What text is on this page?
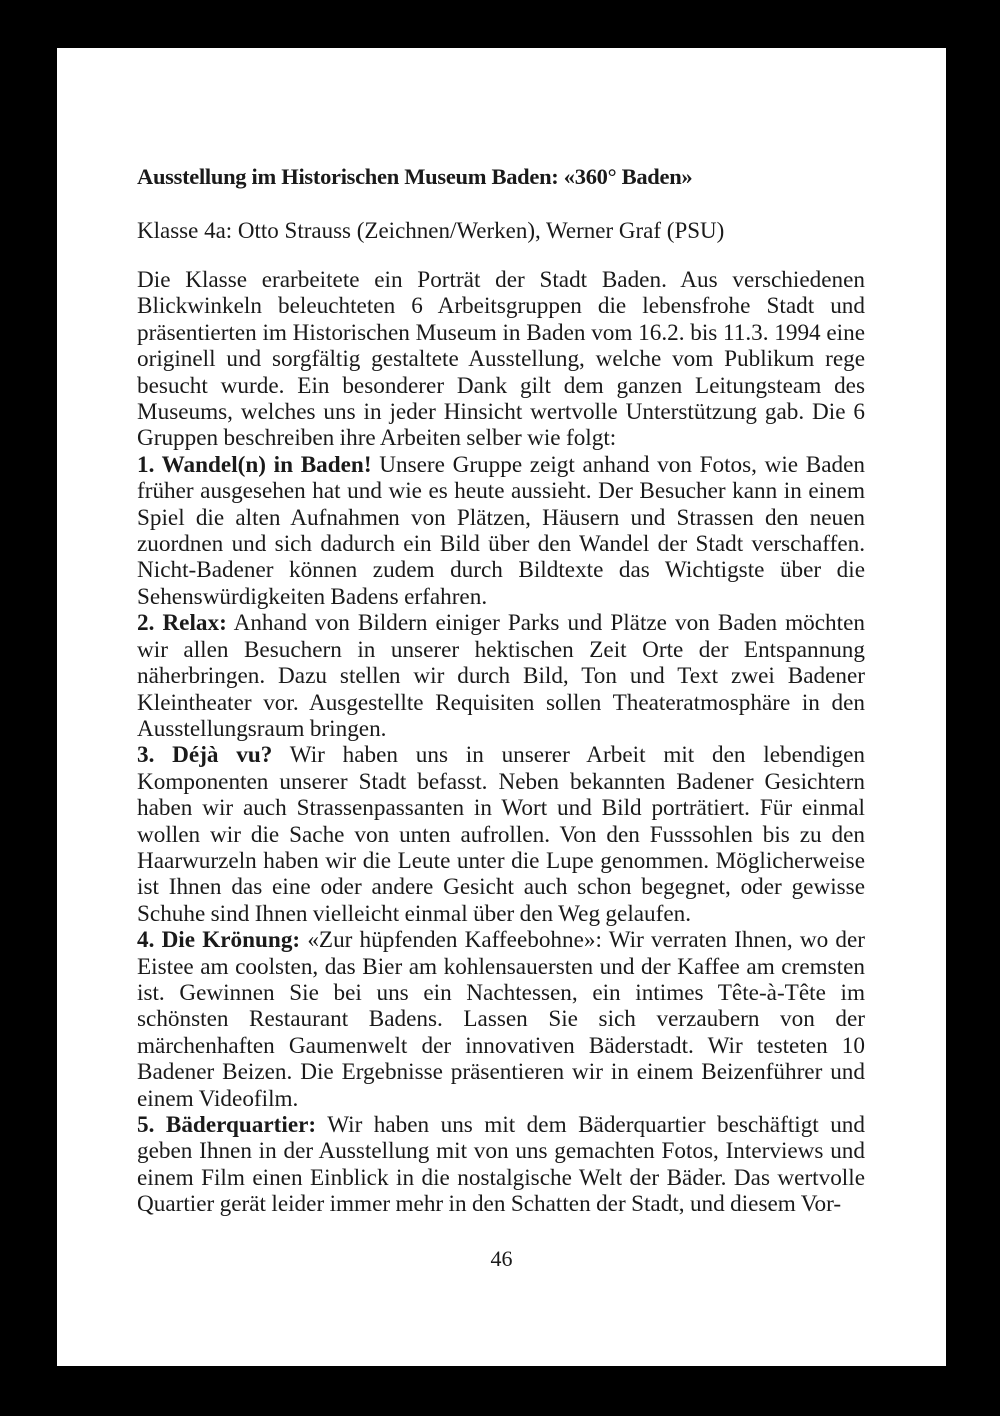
Ausstellung im Historischen Museum Baden: «360° Baden»
Klasse 4a: Otto Strauss (Zeichnen/Werken), Werner Graf (PSU)

Die Klasse erarbeitete ein Porträt der Stadt Baden. Aus verschiedenen Blickwinkeln beleuchteten 6 Arbeitsgruppen die lebensfrohe Stadt und präsentierten im Historischen Museum in Baden vom 16.2. bis 11.3. 1994 eine originell und sorgfältig gestaltete Ausstellung, welche vom Publikum rege besucht wurde. Ein besonderer Dank gilt dem ganzen Leitungsteam des Museums, welches uns in jeder Hinsicht wertvolle Unterstützung gab. Die 6 Gruppen beschreiben ihre Arbeiten selber wie folgt:

1. Wandel(n) in Baden! Unsere Gruppe zeigt anhand von Fotos, wie Baden früher ausgesehen hat und wie es heute aussieht. Der Besucher kann in einem Spiel die alten Aufnahmen von Plätzen, Häusern und Strassen den neuen zuordnen und sich dadurch ein Bild über den Wandel der Stadt verschaffen. Nicht-Badener können zudem durch Bildtexte das Wichtigste über die Sehenswürdigkeiten Badens erfahren.

2. Relax: Anhand von Bildern einiger Parks und Plätze von Baden möchten wir allen Besuchern in unserer hektischen Zeit Orte der Entspannung näherbringen. Dazu stellen wir durch Bild, Ton und Text zwei Badener Kleintheater vor. Ausgestellte Requisiten sollen Theateratmosphäre in den Ausstellungsraum bringen.

3. Déjà vu? Wir haben uns in unserer Arbeit mit den lebendigen Komponenten unserer Stadt befasst. Neben bekannten Badener Gesichtern haben wir auch Strassenpassanten in Wort und Bild porträtiert. Für einmal wollen wir die Sache von unten aufrollen. Von den Fusssohlen bis zu den Haarwurzeln haben wir die Leute unter die Lupe genommen. Möglicherweise ist Ihnen das eine oder andere Gesicht auch schon begegnet, oder gewisse Schuhe sind Ihnen vielleicht einmal über den Weg gelaufen.

4. Die Krönung: «Zur hüpfenden Kaffeebohne»: Wir verraten Ihnen, wo der Eistee am coolsten, das Bier am kohlensauersten und der Kaffee am cremsten ist. Gewinnen Sie bei uns ein Nachtessen, ein intimes Tête-à-Tête im schönsten Restaurant Badens. Lassen Sie sich verzaubern von der märchenhaften Gaumenwelt der innovativen Bäderstadt. Wir testeten 10 Badener Beizen. Die Ergebnisse präsentieren wir in einem Beizenführer und einem Videofilm.

5. Bäderquartier: Wir haben uns mit dem Bäderquartier beschäftigt und geben Ihnen in der Ausstellung mit von uns gemachten Fotos, Interviews und einem Film einen Einblick in die nostalgische Welt der Bäder. Das wertvolle Quartier gerät leider immer mehr in den Schatten der Stadt, und diesem Vor-

46
